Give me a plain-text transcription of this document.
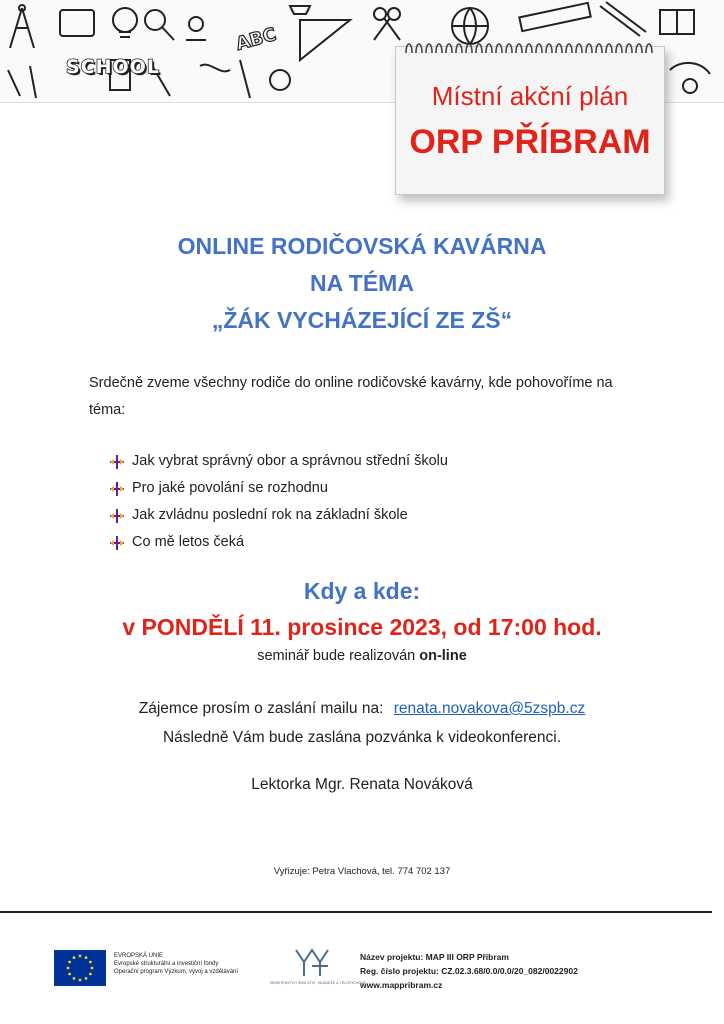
ABC
SCHOOL
Místní akční plán
ORP PŘÍBRAM
ONLINE RODIČOVSKÁ KAVÁRNA
NA TÉMA
„ŽÁK VYCHÁZEJÍCÍ ZE ZŠ“
Srdečně zveme všechny rodiče do online rodičovské kavárny, kde pohovoříme na téma:
Jak vybrat správný obor a správnou střední školu
Pro jaké povolání se rozhodnu
Jak zvládnu poslední rok na základní škole
Co mě letos čeká
Kdy a kde:
v PONDĚLÍ 11. prosince 2023, od 17:00 hod.
seminář bude realizován on-line
Zájemce prosím o zaslání mailu na: renata.novakova@5zspb.cz
Následně Vám bude zaslána pozvánka k videokonferenci.
Lektorka Mgr. Renata Nováková
Vyřizuje: Petra Vlachová, tel. 774 702 137
EVROPSKÁ UNIE
Evropské strukturální a investiční fondy
Operační program Výzkum, vývoj a vzdělávání
MINISTERSTVO ŠKOLSTVÍ, MLÁDEŽE A TĚLOVÝCHOVY
Název projektu: MAP III ORP Příbram
Reg. číslo projektu: CZ.02.3.68/0.0/0.0/20_082/0022902
www.mappribram.cz
